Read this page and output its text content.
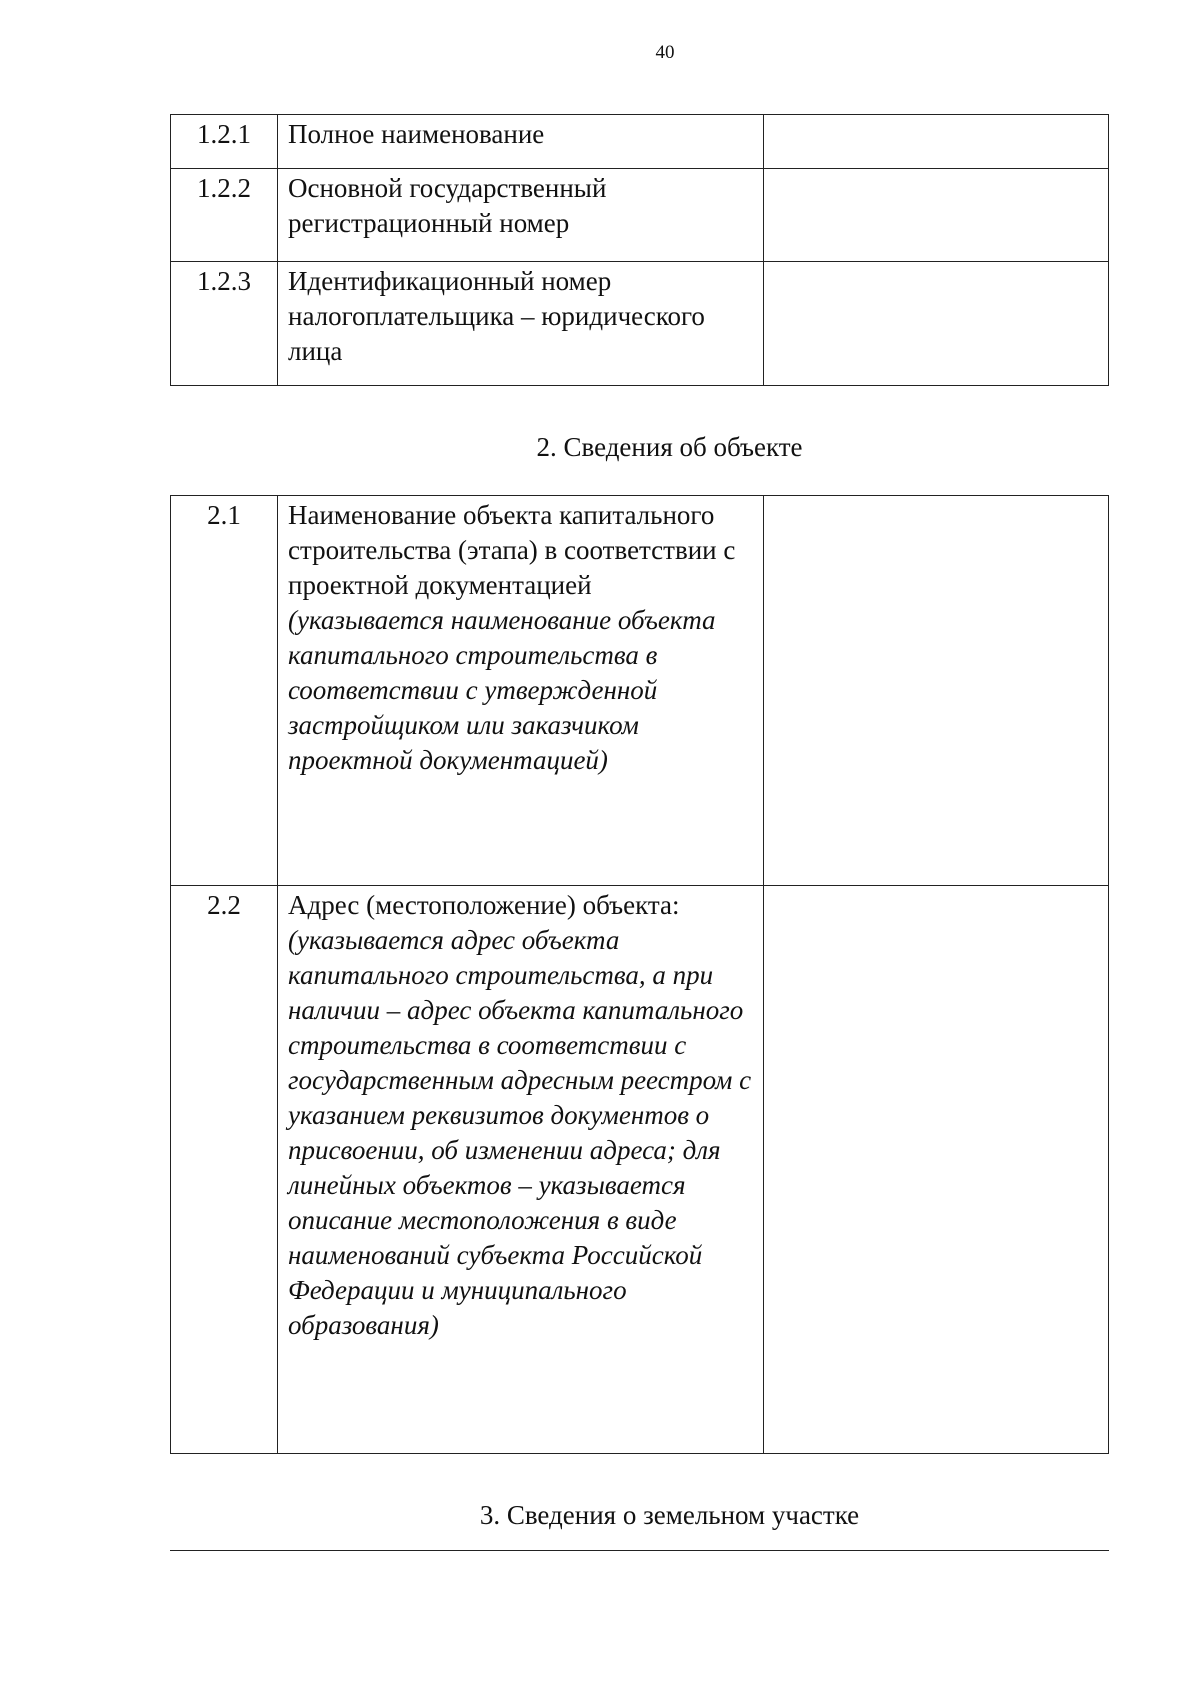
40
1.2.1	Полное наименование	

1.2.2	Основной государственный регистрационный номер	

1.2.3	Идентификационный номер налогоплательщика – юридического лица	

2. Сведения об объекте
2.1	Наименование объекта капитального строительства (этапа) в соответствии с проектной документацией
(указывается наименование объекта капитального строительства в соответствии с утвержденной застройщиком или заказчиком проектной документацией)	

2.2	Адрес (местоположение) объекта:
(указывается адрес объекта капитального строительства, а при наличии – адрес объекта капитального строительства в соответствии с государственным адресным реестром с указанием реквизитов документов о присвоении, об изменении адреса; для линейных объектов – указывается описание местоположения в виде наименований субъекта Российской Федерации и муниципального образования)	

3. Сведения о земельном участке
